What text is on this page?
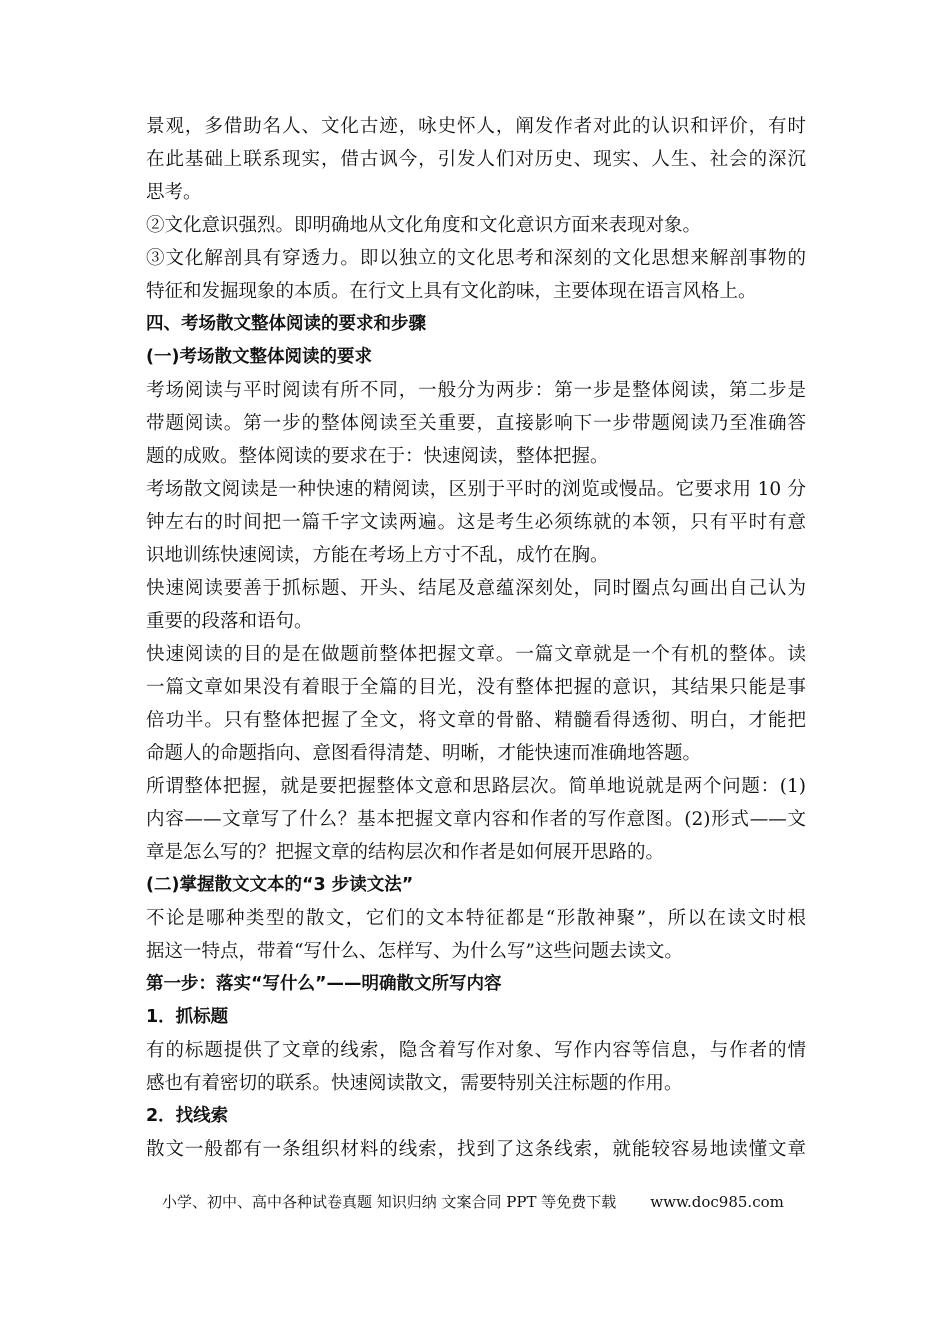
景观，多借助名人、文化古迹，咏史怀人，阐发作者对此的认识和评价，有时
在此基础上联系现实，借古讽今，引发人们对历史、现实、人生、社会的深沉
思考。
②文化意识强烈。即明确地从文化角度和文化意识方面来表现对象。
③文化解剖具有穿透力。即以独立的文化思考和深刻的文化思想来解剖事物的
特征和发掘现象的本质。在行文上具有文化韵味，主要体现在语言风格上。
四、考场散文整体阅读的要求和步骤
(一)考场散文整体阅读的要求
考场阅读与平时阅读有所不同，一般分为两步：第一步是整体阅读，第二步是
带题阅读。第一步的整体阅读至关重要，直接影响下一步带题阅读乃至准确答
题的成败。整体阅读的要求在于：快速阅读，整体把握。
考场散文阅读是一种快速的精阅读，区别于平时的浏览或慢品。它要求用 10 分
钟左右的时间把一篇千字文读两遍。这是考生必须练就的本领，只有平时有意
识地训练快速阅读，方能在考场上方寸不乱，成竹在胸。
快速阅读要善于抓标题、开头、结尾及意蕴深刻处，同时圈点勾画出自己认为
重要的段落和语句。
快速阅读的目的是在做题前整体把握文章。一篇文章就是一个有机的整体。读
一篇文章如果没有着眼于全篇的目光，没有整体把握的意识，其结果只能是事
倍功半。只有整体把握了全文，将文章的骨骼、精髓看得透彻、明白，才能把
命题人的命题指向、意图看得清楚、明晰，才能快速而准确地答题。
所谓整体把握，就是要把握整体文意和思路层次。简单地说就是两个问题：(1)
内容——文章写了什么？基本把握文章内容和作者的写作意图。(2)形式——文
章是怎么写的？把握文章的结构层次和作者是如何展开思路的。
(二)掌握散文文本的“3 步读文法”
不论是哪种类型的散文，它们的文本特征都是“形散神聚”，所以在读文时根
据这一特点，带着“写什么、怎样写、为什么写”这些问题去读文。
第一步：落实“写什么”——明确散文所写内容
1．抓标题
有的标题提供了文章的线索，隐含着写作对象、写作内容等信息，与作者的情
感也有着密切的联系。快速阅读散文，需要特别关注标题的作用。
2．找线索
散文一般都有一条组织材料的线索，找到了这条线索，就能较容易地读懂文章
小学、初中、高中各种试卷真题 知识归纳 文案合同 PPT 等免费下载 www.doc985.com
